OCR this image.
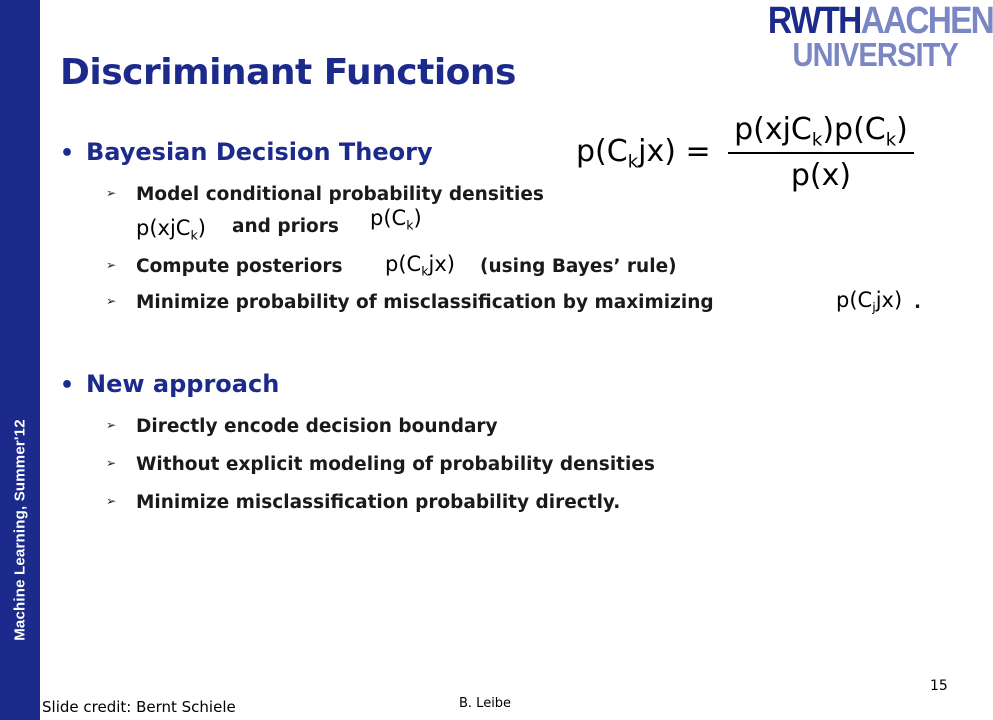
Machine Learning, Summer'12
RWTHAACHEN
UNIVERSITY
Discriminant Functions
• Bayesian Decision Theory	$p(C_kjx)$ =
$p(xjC_k)p(C_k)$
p(x)
➢ Model conditional probability densities
p(xjC$_k$) and priors $p(C_k)$
➢ Compute posteriors $p(C_kjx)$ (using Bayes’ rule)
➢ Minimize probability of misclassification by maximizing	$p(C_jjx)$ .
• New approach
➢ Directly encode decision boundary
➢ Without explicit modeling of probability densities
➢ Minimize misclassification probability directly.
Slide credit: Bernt Schiele	B. Leibe
15
